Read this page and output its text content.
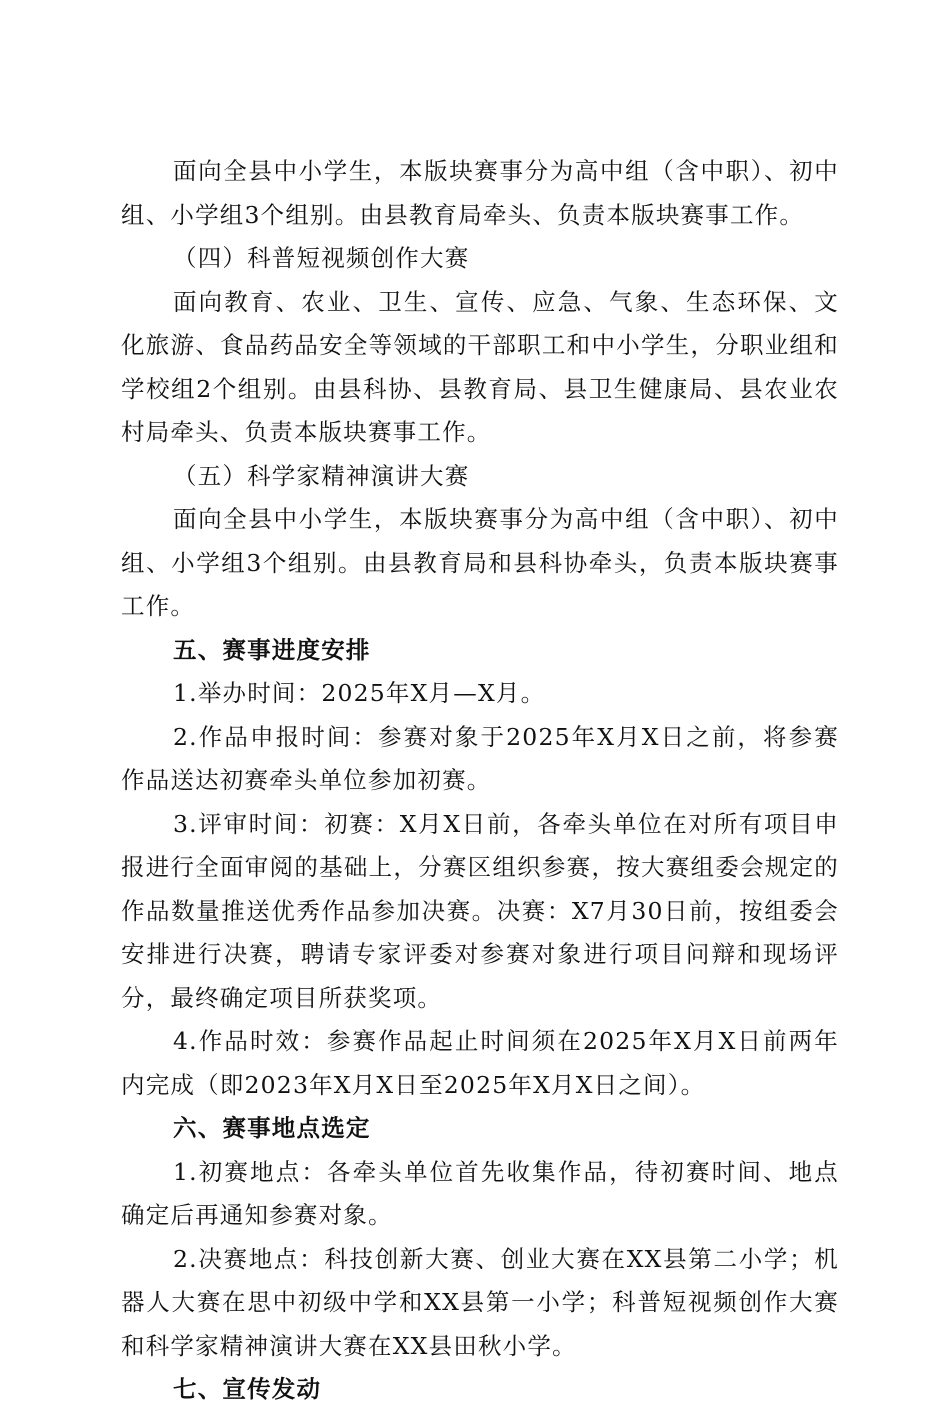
面向全县中小学生，本版块赛事分为高中组（含中职）、初中组、小学组3个组别。由县教育局牵头、负责本版块赛事工作。

（四）科普短视频创作大赛

面向教育、农业、卫生、宣传、应急、气象、生态环保、文化旅游、食品药品安全等领域的干部职工和中小学生，分职业组和学校组2个组别。由县科协、县教育局、县卫生健康局、县农业农村局牵头、负责本版块赛事工作。

（五）科学家精神演讲大赛

面向全县中小学生，本版块赛事分为高中组（含中职）、初中组、小学组3个组别。由县教育局和县科协牵头，负责本版块赛事工作。

五、赛事进度安排

1.举办时间：2025年X月—X月。

2.作品申报时间：参赛对象于2025年X月X日之前，将参赛作品送达初赛牵头单位参加初赛。

3.评审时间：初赛：X月X日前，各牵头单位在对所有项目申报进行全面审阅的基础上，分赛区组织参赛，按大赛组委会规定的作品数量推送优秀作品参加决赛。决赛：X7月30日前，按组委会安排进行决赛，聘请专家评委对参赛对象进行项目问辩和现场评分，最终确定项目所获奖项。

4.作品时效：参赛作品起止时间须在2025年X月X日前两年内完成（即2023年X月X日至2025年X月X日之间）。

六、赛事地点选定

1.初赛地点：各牵头单位首先收集作品，待初赛时间、地点确定后再通知参赛对象。

2.决赛地点：科技创新大赛、创业大赛在XX县第二小学；机器人大赛在思中初级中学和XX县第一小学；科普短视频创作大赛和科学家精神演讲大赛在XX县田秋小学。

七、宣传发动
